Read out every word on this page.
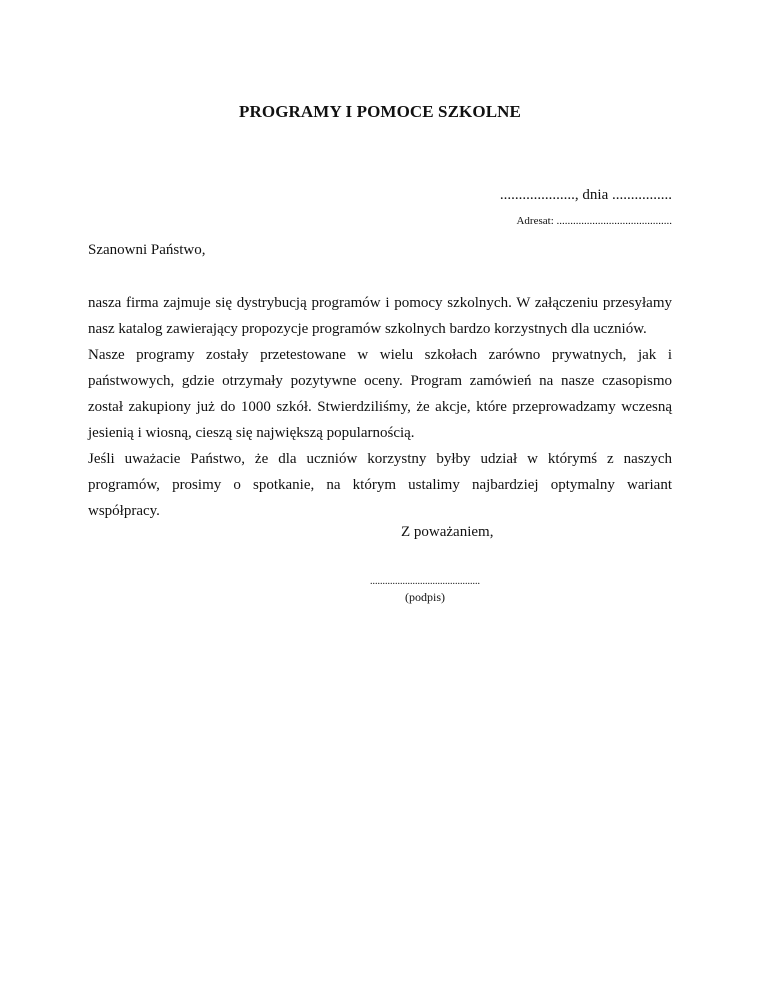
PROGRAMY I POMOCE SZKOLNE
...................., dnia ................
Adresat: ..........................................
Szanowni Państwo,

nasza firma zajmuje się dystrybucją programów i pomocy szkolnych. W załączeniu przesyłamy nasz katalog zawierający propozycje programów szkolnych bardzo korzystnych dla uczniów.

Nasze programy zostały przetestowane w wielu szkołach zarówno prywatnych, jak i państwowych, gdzie otrzymały pozytywne oceny. Program zamówień na nasze czasopismo został zakupiony już do 1000 szkół. Stwierdziliśmy, że akcje, które przeprowadzamy wczesną jesienią i wiosną, cieszą się największą popularnością.

Jeśli uważacie Państwo, że dla uczniów korzystny byłby udział w którymś z naszych programów, prosimy o spotkanie, na którym ustalimy najbardziej optymalny wariant współpracy.

Z poważaniem,
............................................
(podpis)
